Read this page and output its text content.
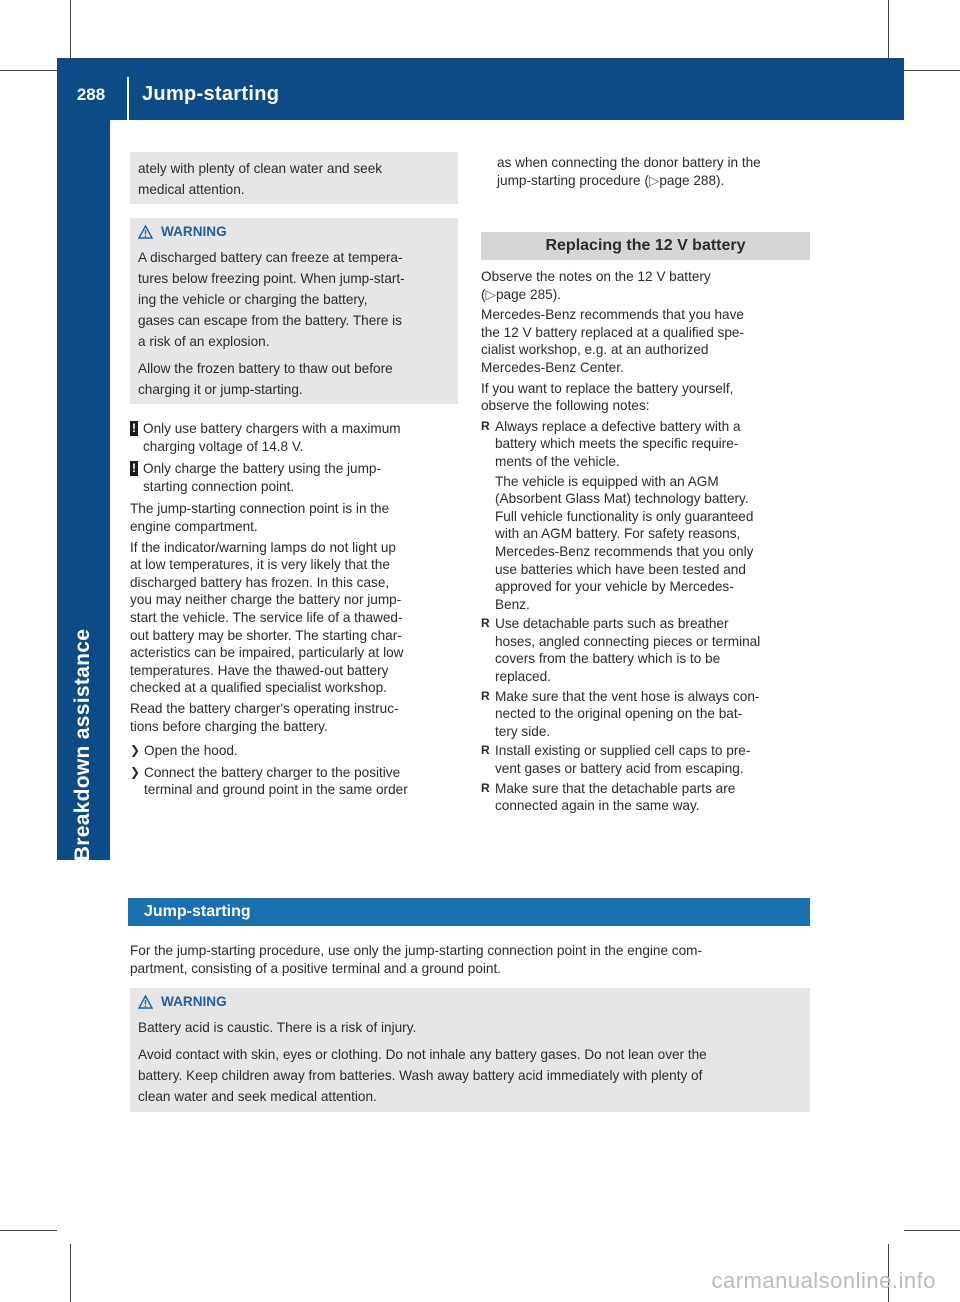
288	Jump-starting
Breakdown assistance
ately with plenty of clean water and seek
medical attention.
WARNING
A discharged battery can freeze at tempera-
tures below freezing point. When jump-start-
ing the vehicle or charging the battery,
gases can escape from the battery. There is
a risk of an explosion.
Allow the frozen battery to thaw out before
charging it or jump-starting.
! Only use battery chargers with a maximum
charging voltage of 14.8 V.
! Only charge the battery using the jump-
starting connection point.

The jump-starting connection point is in the
engine compartment.

If the indicator/warning lamps do not light up
at low temperatures, it is very likely that the
discharged battery has frozen. In this case,
you may neither charge the battery nor jump-
start the vehicle. The service life of a thawed-
out battery may be shorter. The starting char-
acteristics can be impaired, particularly at low
temperatures. Have the thawed-out battery
checked at a qualified specialist workshop.

Read the battery charger's operating instruc-
tions before charging the battery.

❯ Open the hood.
❯ Connect the battery charger to the positive
terminal and ground point in the same order
as when connecting the donor battery in the
jump-starting procedure (▷page 288).
Replacing the 12 V battery

Observe the notes on the 12 V battery
(▷page 285).

Mercedes-Benz recommends that you have
the 12 V battery replaced at a qualified spe-
cialist workshop, e.g. at an authorized
Mercedes-Benz Center.

If you want to replace the battery yourself,
observe the following notes:

R Always replace a defective battery with a
battery which meets the specific require-
ments of the vehicle.

The vehicle is equipped with an AGM
(Absorbent Glass Mat) technology battery.
Full vehicle functionality is only guaranteed
with an AGM battery. For safety reasons,
Mercedes-Benz recommends that you only
use batteries which have been tested and
approved for your vehicle by Mercedes-
Benz.

R Use detachable parts such as breather
hoses, angled connecting pieces or terminal
covers from the battery which is to be
replaced.

R Make sure that the vent hose is always con-
nected to the original opening on the bat-
tery side.

R Install existing or supplied cell caps to pre-
vent gases or battery acid from escaping.

R Make sure that the detachable parts are
connected again in the same way.

Jump-starting

For the jump-starting procedure, use only the jump-starting connection point in the engine com-
partment, consisting of a positive terminal and a ground point.

WARNING
Battery acid is caustic. There is a risk of injury.
Avoid contact with skin, eyes or clothing. Do not inhale any battery gases. Do not lean over the
battery. Keep children away from batteries. Wash away battery acid immediately with plenty of
clean water and seek medical attention.
carmanualsonline.info
